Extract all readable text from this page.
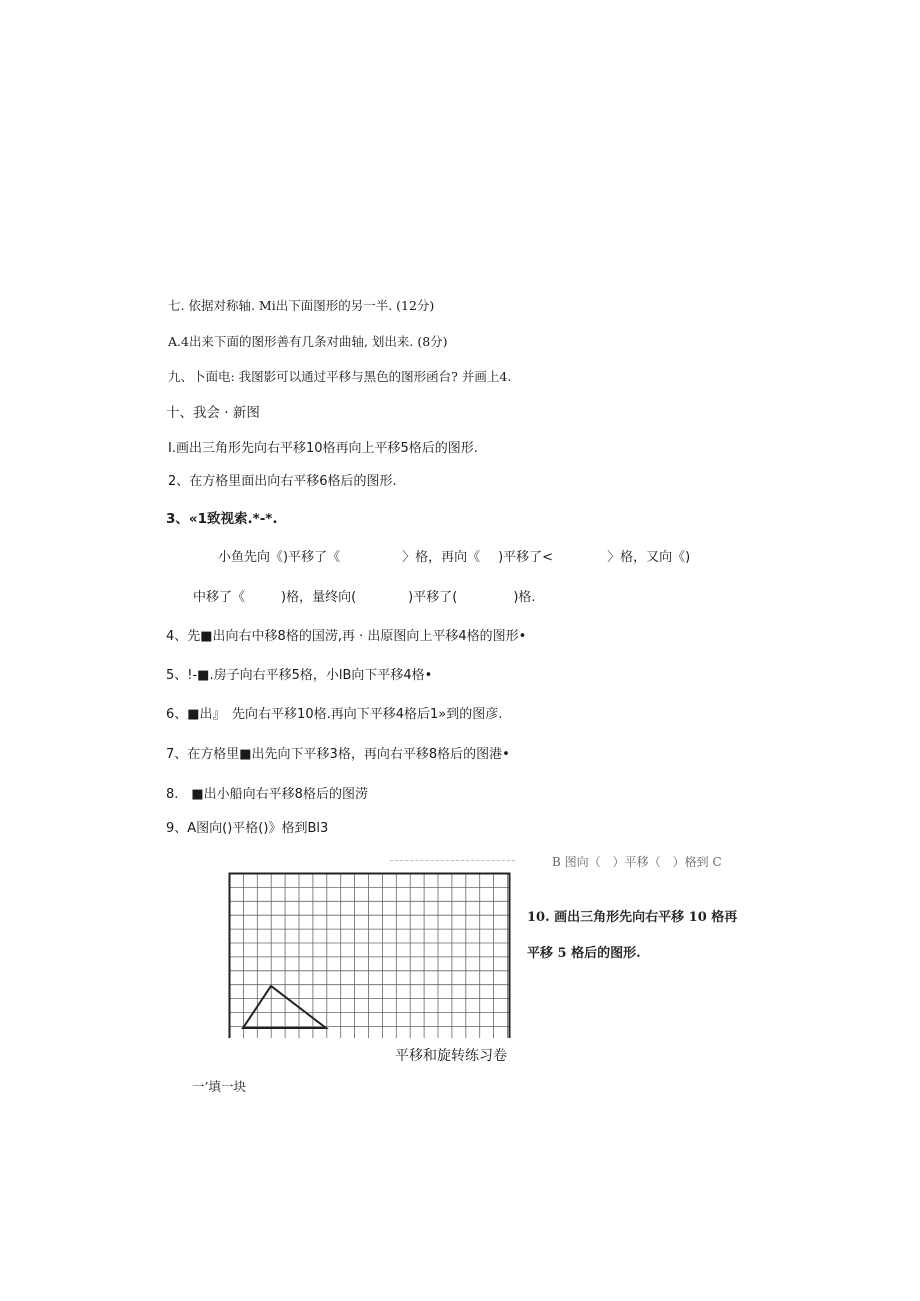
七. 依据对称轴. Mi出下面图形的另一半. (12分)
A.4出来下面的图形善有几条对曲轴, 划出来. (8分)
九、卜面电: 我图影可以通过平移与黑色的图形函台? 并画上4.
十、我会 · 新图
I.画出三角形先向右平移10格再向上平移5格后的图形.
2、在方格里面出向右平移6格后的图形.
3、«1致视索.*-*.
小鱼先向《)平移了《	〉格，再向《 )平移了<	〉格，又向《)
中移了《	)格，量终向(	)平移了(	)格.
4、先■出向右中移8格的国涝,再 · 出原图向上平移4格的图形•
5、!-■.房子向右平移5格，小lB向下平移4格•
6、■出』　先向右平移10格.再向下平移4格后1»到的图彦.
7、在方格里■出先向下平移3格，再向右平移8格后的图港•
8.　■出小船向右平移8格后的图涝
9、A图向()平格()》格到Bl3
B 图向（　）平移（　）格到 C
10. 画出三角形先向右平移 10 格再
平移 5 格后的图形.
平移和旋转练习卷
一’填一块
